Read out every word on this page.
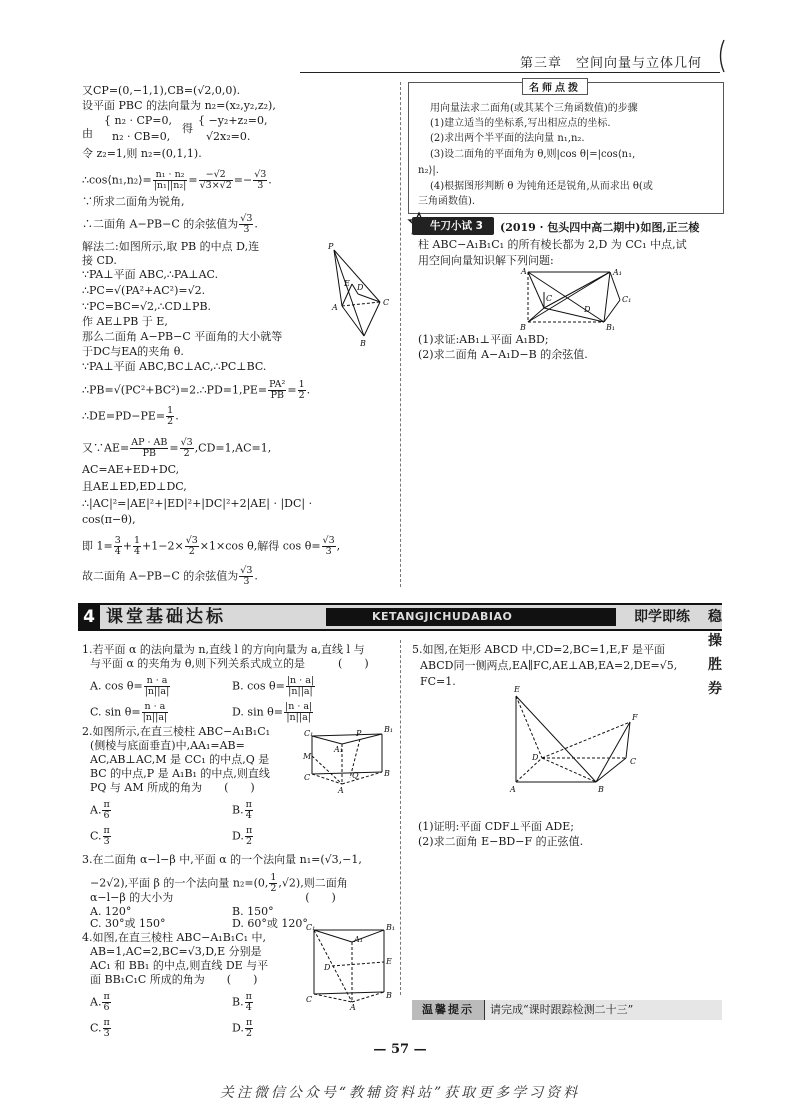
第三章　空间向量与立体几何
又CP=(0,−1,1),CB=(√2,0,0).
设平面 PBC 的法向量为 n₂=(x₂,y₂,z₂),
由
{ n₂ · CP=0,
n₂ · CB=0,
得
{ −y₂+z₂=0,
√2x₂=0.
令 z₂=1,则 n₂=(0,1,1).
∴cos⟨n₁,n₂⟩= $\frac{\text{n₁ · n₂}}{\text{|n₁||n₂|}} = \frac{-√2}{√3\times√2} =- \frac{√3}{3}$ .
∵所求二面角为锐角,
∴二面角 A−PB−C 的余弦值为 $\frac{√3}{3}$ .
解法二:如图所示,取 PB 的中点 D,连
接 CD.
∵PA⊥平面 ABC,∴PA⊥AC.
∴PC=√(PA²+AC²)=√2.
∵PC=BC=√2,∴CD⊥PB.
作 AE⊥PB 于 E,
那么二面角 A−PB−C 平面角的大小就等
于DC与EA的夹角 θ.
∵PA⊥平面 ABC,BC⊥AC,∴PC⊥BC.
∴PB=√(PC²+BC²)=2.∴PD=1,PE= $\frac{\text{PA²}}{PB} = \frac{1}{2}$ .
∴DE=PD−PE= $\frac{1}{2}$ .
又∵AE= $\frac{AP \cdot AB}{PB} = \frac{√3}{2} ,CD=1,AC=1$,
AC=AE+ED+DC,
且AE⊥ED,ED⊥DC,
∴|AC|²=|AE|²+|ED|²+|DC|²+2|AE| · |DC| ·
cos(π−θ),
即 $1= \frac{3}{4} + \frac{1}{4} +1-2\times \frac{√3}{2} \times 1\times\cos$ θ,解得 $\cos \theta= \frac{√3}{3}$ ,
故二面角 A−PB−C 的余弦值为 $\frac{√3}{3}$ .
P
A
B
C
E D
名师点拨
用向量法求二面角(或其某个三角函数值)的步骤
(1)建立适当的坐标系,写出相应点的坐标.
(2)求出两个半平面的法向量 n₁,n₂.
(3)设二面角的平面角为 θ,则|cos θ|=|cos⟨n₁,
n₂⟩|.
(4)根据图形判断 θ 为钝角还是锐角,从而求出 θ(或
三角函数值).
牛刀小试 3	(2019 · 包头四中高二期中)如图,正三棱
柱 ABC−A₁B₁C₁ 的所有棱长都为 2,D 为 CC₁ 中点,试
用空间向量知识解下列问题:
A	A₁
C	C₁
D
B	B₁
(1)求证:AB₁⊥平面 A₁BD;
(2)求二面角 A−A₁D−B 的余弦值.
4 课堂基础达标	KETANGJICHUDABIAO	即学即练 稳操胜券
1.若平面 α 的法向量为 n,直线 l 的方向向量为 a,直线 l 与
与平面 α 的夹角为 θ,则下列关系式成立的是　　　(　　)
A. $\cos \theta= \frac{n \cdot a}{|n||a|}$	B. $\cos \theta= \frac{|n \cdot a|}{|n||a|}$
C. $\sin \theta= \frac{n \cdot a}{|n||a|}$	D. $\sin \theta= \frac{|n \cdot a|}{|n||a|}$
2.如图所示,在直三棱柱 ABC−A₁B₁C₁
(侧棱与底面垂直)中,AA₁=AB=
AC,AB⊥AC,M 是 CC₁ 的中点,Q 是
BC 的中点,P 是 A₁B₁ 的中点,则直线
PQ 与 AM 所成的角为　　(　　)
C₁	B₁
P
A₁
M
C	Q	B
A
A. $\frac{\pi}{6}$	B. $\frac{\pi}{4}$
C. $\frac{\pi}{3}$	D. $\frac{\pi}{2}$
3.在二面角 α−l−β 中,平面 α 的一个法向量 n₁=(√3,−1,
−2√2),平面 β 的一个法向量 n₂=(0, $\frac{1}{2} ,√2$),则二面角
α−l−β 的大小为　　　　　　　　　　　　(　　)
A. 120°	B. 150°
C. 30°或 150°	D. 60°或 120°
4.如图,在直三棱柱 ABC−A₁B₁C₁ 中,
AB=1,AC=2,BC=√3,D,E 分别是
AC₁ 和 BB₁ 的中点,则直线 DE 与平
面 BB₁C₁C 所成的角为　　(　　)
C₁	B₁
A₁
D
E
C	B
A
A. $\frac{\pi}{6}$	B. $\frac{\pi}{4}$
C. $\frac{\pi}{3}$	D. $\frac{\pi}{2}$
5.如图,在矩形 ABCD 中,CD=2,BC=1,E,F 是平面
ABCD同一侧两点,EA∥FC,AE⊥AB,EA=2,DE=√5,
FC=1.
E
F
D	C
A	B
(1)证明:平面 CDF⊥平面 ADE;
(2)求二面角 E−BD−F 的正弦值.
温馨提示	请完成“课时跟踪检测二十三”
— 57 —
关注微信公众号“教辅资料站”获取更多学习资料
